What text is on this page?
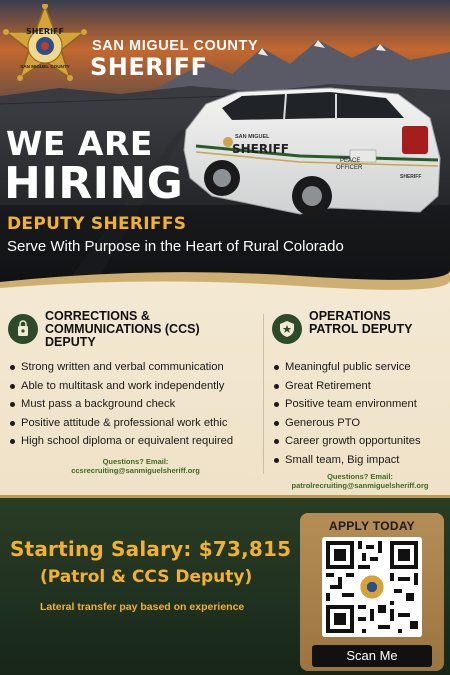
SAN MIGUEL
SHERIFF
PEACE
OFFICER
SHERIFF
SHERIFF
SAN MIGUEL COUNTY
SAN MIGUEL COUNTY
SHERIFF
WE ARE
HIRING
DEPUTY SHERIFFS
Serve With Purpose in the Heart of Rural Colorado
CORRECTIONS &
COMMUNICATIONS (CCS)
DEPUTY
Strong written and verbal communication
Able to multitask and work independently
Must pass a background check
Positive attitude & professional work ethic
High school diploma or equivalent required
Questions? Email:
ccsrecruiting@sanmiguelsheriff.org
OPERATIONS
PATROL DEPUTY
Meaningful public service
Great Retirement
Positive team environment
Generous PTO
Career growth opportunites
Small team, Big impact
Questions? Email:
patrolrecruiting@sanmiguelsheriff.org
Starting Salary: $73,815
(Patrol & CCS Deputy)
Lateral transfer pay based on experience
APPLY TODAY
Scan Me
